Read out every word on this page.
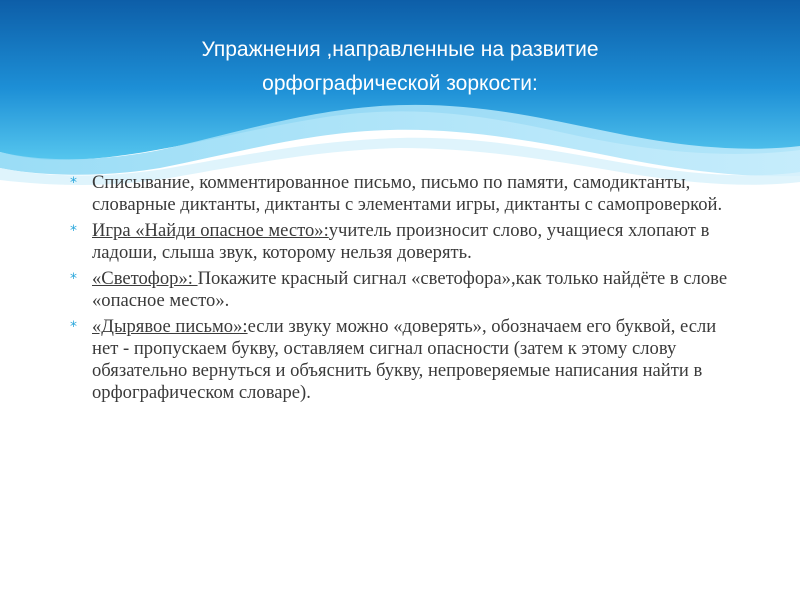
Упражнения ,направленные на развитие
орфографической зоркости:
* Списывание, комментированное письмо, письмо по памяти, самодиктанты, словарные диктанты, диктанты с элементами игры, диктанты с самопроверкой.
* Игра «Найди опасное место»:учитель произносит слово, учащиеся хлопают в ладоши, слыша звук, которому нельзя доверять.
* «Светофор»: Покажите красный сигнал «светофора»,как только найдёте в слове «опасное место».
* «Дырявое письмо»:если звуку можно «доверять», обозначаем его буквой, если нет - пропускаем букву, оставляем сигнал опасности (затем к этому слову обязательно вернуться и объяснить букву, непроверяемые написания найти в орфографическом словаре).
